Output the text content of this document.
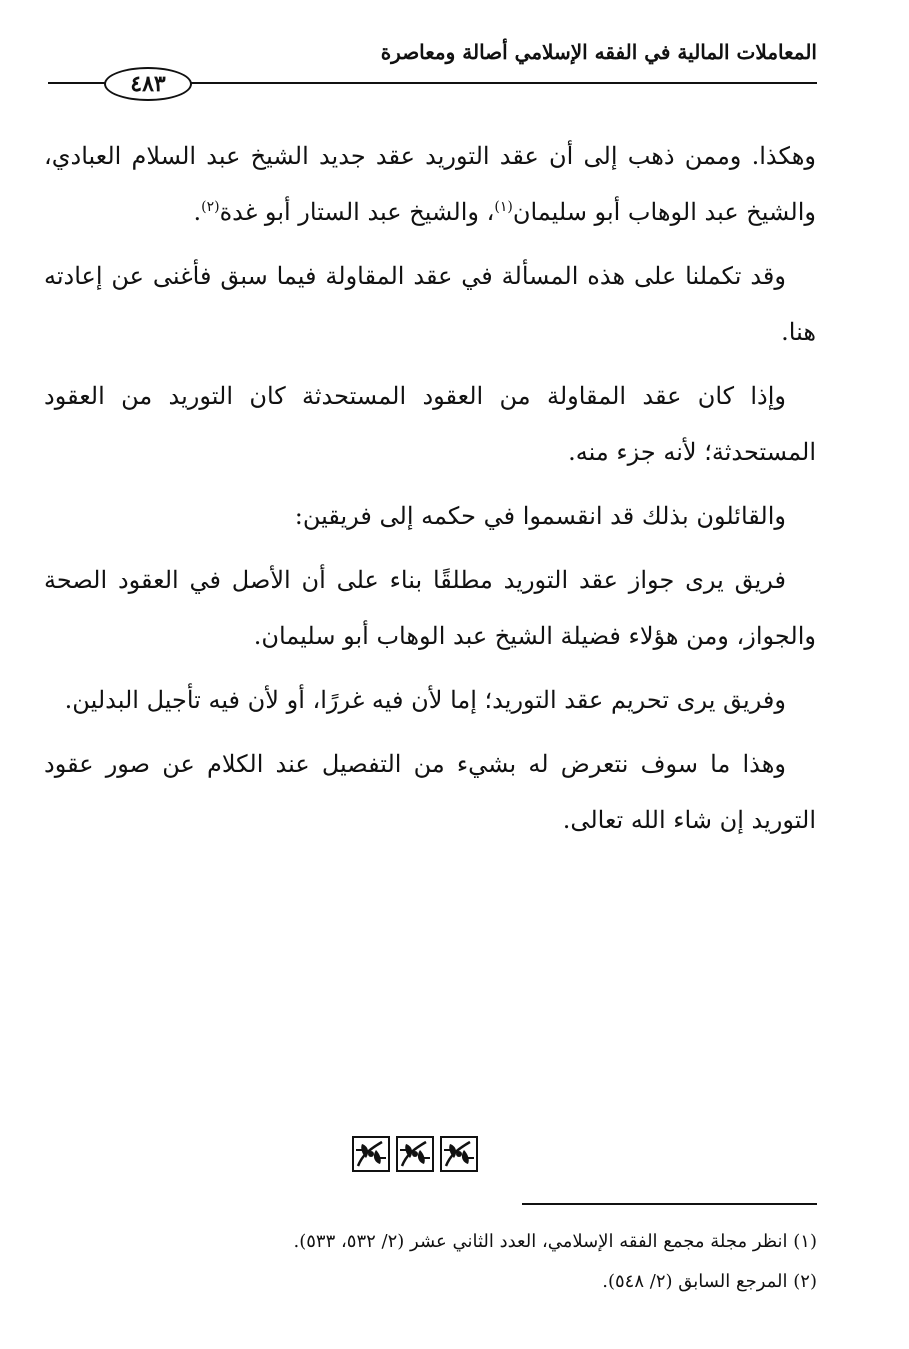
المعاملات المالية في الفقه الإسلامي أصالة ومعاصرة
٤٨٣

وهكذا. وممن ذهب إلى أن عقد التوريد عقد جديد الشيخ عبد السلام العبادي، والشيخ عبد الوهاب أبو سليمان$^{(١)}$، والشيخ عبد الستار أبو غدة$^{(٢)}$.

وقد تكملنا على هذه المسألة في عقد المقاولة فيما سبق فأغنى عن إعادته هنا.

وإذا كان عقد المقاولة من العقود المستحدثة كان التوريد من العقود المستحدثة؛ لأنه جزء منه.

والقائلون بذلك قد انقسموا في حكمه إلى فريقين:

فريق يرى جواز عقد التوريد مطلقًا بناء على أن الأصل في العقود الصحة والجواز، ومن هؤلاء فضيلة الشيخ عبد الوهاب أبو سليمان.

وفريق يرى تحريم عقد التوريد؛ إما لأن فيه غررًا، أو لأن فيه تأجيل البدلين.

وهذا ما سوف نتعرض له بشيء من التفصيل عند الكلام عن صور عقود التوريد إن شاء الله تعالى.

(١) انظر مجلة مجمع الفقه الإسلامي، العدد الثاني عشر (٢/ ٥٣٢، ٥٣٣).
(٢) المرجع السابق (٢/ ٥٤٨).
